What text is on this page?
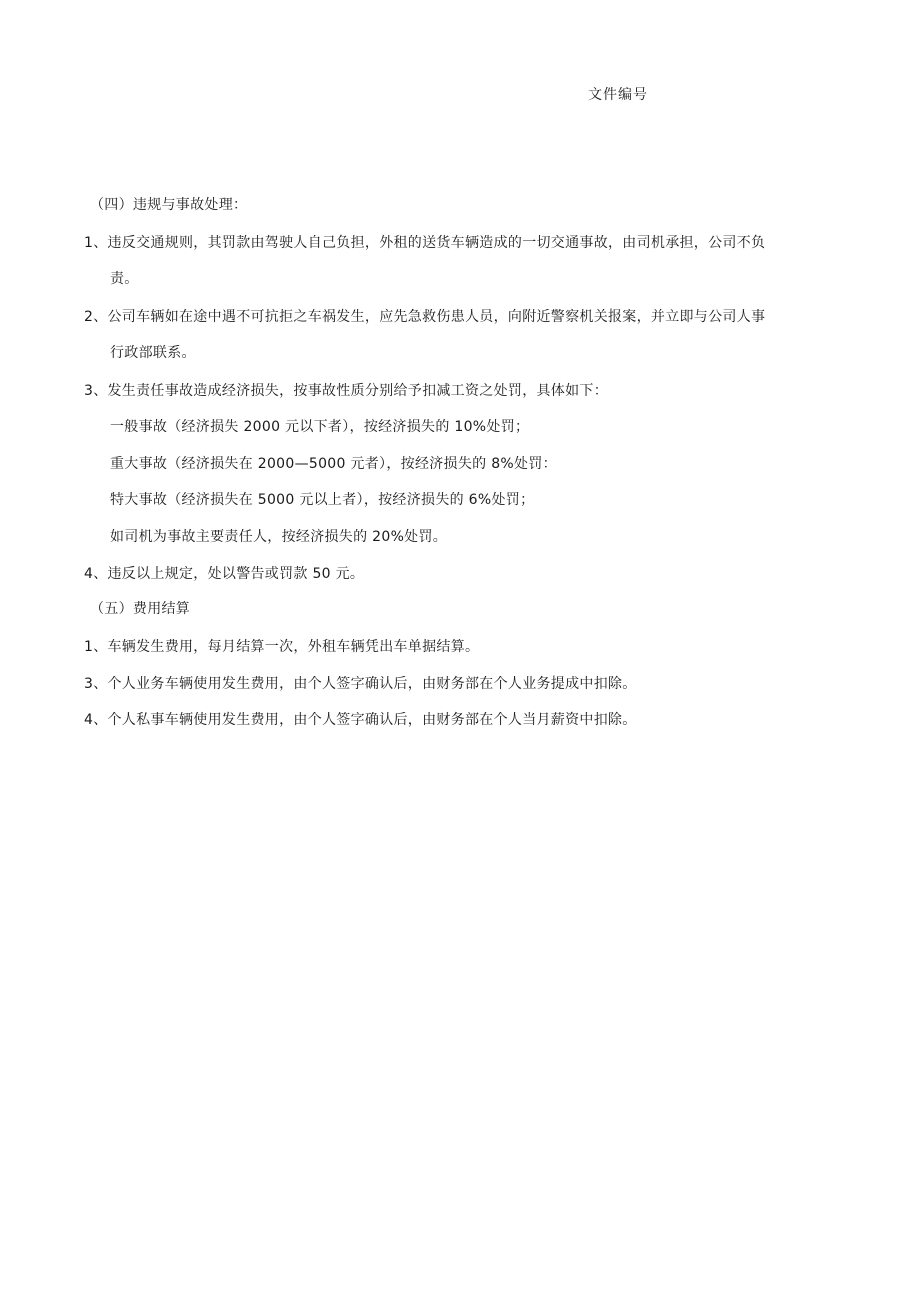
文件编号
（四）违规与事故处理：
1、违反交通规则，其罚款由驾驶人自己负担，外租的送货车辆造成的一切交通事故，由司机承担，公司不负
责。
2、公司车辆如在途中遇不可抗拒之车祸发生，应先急救伤患人员，向附近警察机关报案，并立即与公司人事
行政部联系。
3、发生责任事故造成经济损失，按事故性质分别给予扣减工资之处罚，具体如下：
一般事故（经济损失 2000 元以下者），按经济损失的 10%处罚；
重大事故（经济损失在 2000—5000 元者），按经济损失的 8%处罚：
特大事故（经济损失在 5000 元以上者），按经济损失的 6%处罚；
如司机为事故主要责任人，按经济损失的 20%处罚。
4、违反以上规定，处以警告或罚款 50 元。
（五）费用结算
1、车辆发生费用，每月结算一次，外租车辆凭出车单据结算。
3、个人业务车辆使用发生费用，由个人签字确认后，由财务部在个人业务提成中扣除。
4、个人私事车辆使用发生费用，由个人签字确认后，由财务部在个人当月薪资中扣除。
